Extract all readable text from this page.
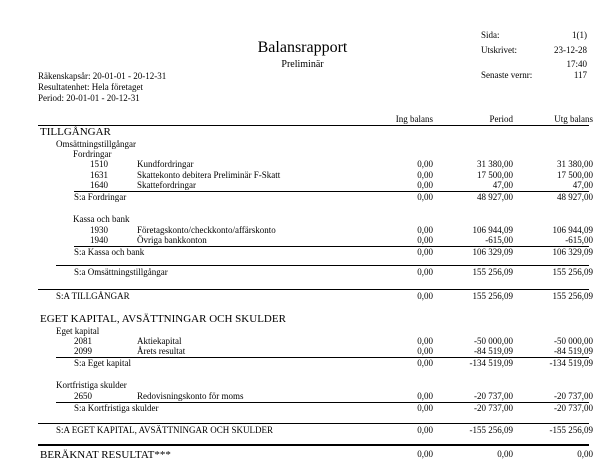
Balansrapport
Preliminär
Sida:	1(1)
Utskrivet:	23-12-28
17:40
Senaste vernr:	117
Räkenskapsår: 20-01-01 - 20-12-31
Resultatenhet: Hela företaget
Period: 20-01-01 - 20-12-31
Ing balans	Period	Utg balans
TILLGÅNGAR
Omsättningstillgångar
Fordringar
1510	Kundfordringar	0,00	31 380,00	31 380,00
1631	Skattekonto debitera Preliminär F-Skatt	0,00	17 500,00	17 500,00
1640	Skattefordringar	0,00	47,00	47,00
S:a Fordringar	0,00	48 927,00	48 927,00
Kassa och bank
1930	Företagskonto/checkkonto/affärskonto	0,00	106 944,09	106 944,09
1940	Övriga bankkonton	0,00	-615,00	-615,00
S:a Kassa och bank	0,00	106 329,09	106 329,09
S:a Omsättningstillgångar	0,00	155 256,09	155 256,09
S:A TILLGÅNGAR	0,00	155 256,09	155 256,09
EGET KAPITAL, AVSÄTTNINGAR OCH SKULDER
Eget kapital
2081	Aktiekapital	0,00	-50 000,00	-50 000,00
2099	Årets resultat	0,00	-84 519,09	-84 519,09
S:a Eget kapital	0,00	-134 519,09	-134 519,09
Kortfristiga skulder
2650	Redovisningskonto för moms	0,00	-20 737,00	-20 737,00
S:a Kortfristiga skulder	0,00	-20 737,00	-20 737,00
S:A EGET KAPITAL, AVSÄTTNINGAR OCH SKULDER	0,00	-155 256,09	-155 256,09
BERÄKNAT RESULTAT***	0,00	0,00	0,00
